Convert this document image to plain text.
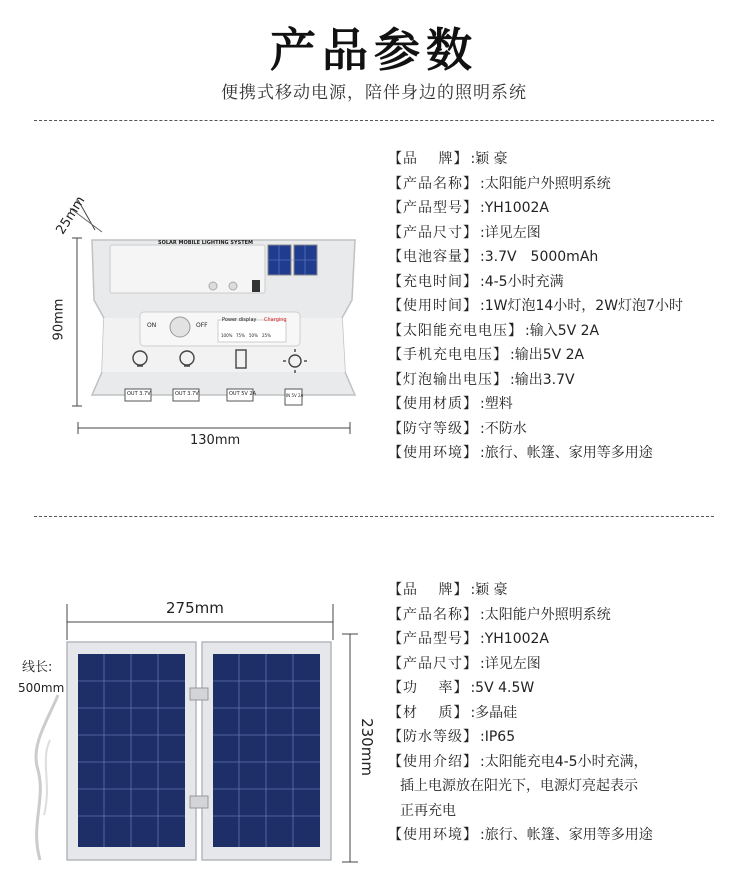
产品参数
便携式移动电源，陪伴身边的照明系统
25mm
90mm
130mm
SOLAR MOBILE LIGHTING SYSTEM
ON	OFF
Power display Charging
100% 75% 50% 25%
OUT 3.7V	OUT 3.7V	OUT 5V 2A	IN 5V 2A
【品　 牌】 :颖 豪
【产品名称】 :太阳能户外照明系统
【产品型号】 :YH1002A
【产品尺寸】 :详见左图
【电池容量】 :3.7V　5000mAh
【充电时间】 :4-5小时充满
【使用时间】 :1W灯泡14小时，2W灯泡7小时
【太阳能充电电压】 :输入5V 2A
【手机充电电压】 :输出5V 2A
【灯泡输出电压】 :输出3.7V
【使用材质】 :塑料
【防守等级】 :不防水
【使用环境】 :旅行、帐篷、家用等多用途
275mm
230mm
线长:
500mm
【品　 牌】 :颖 豪
【产品名称】 :太阳能户外照明系统
【产品型号】 :YH1002A
【产品尺寸】 :详见左图
【功　 率】 :5V 4.5W
【材　 质】 :多晶硅
【防水等级】 :IP65
【使用介绍】 :太阳能充电4-5小时充满，
插上电源放在阳光下，电源灯亮起表示
正再充电
【使用环境】 :旅行、帐篷、家用等多用途
